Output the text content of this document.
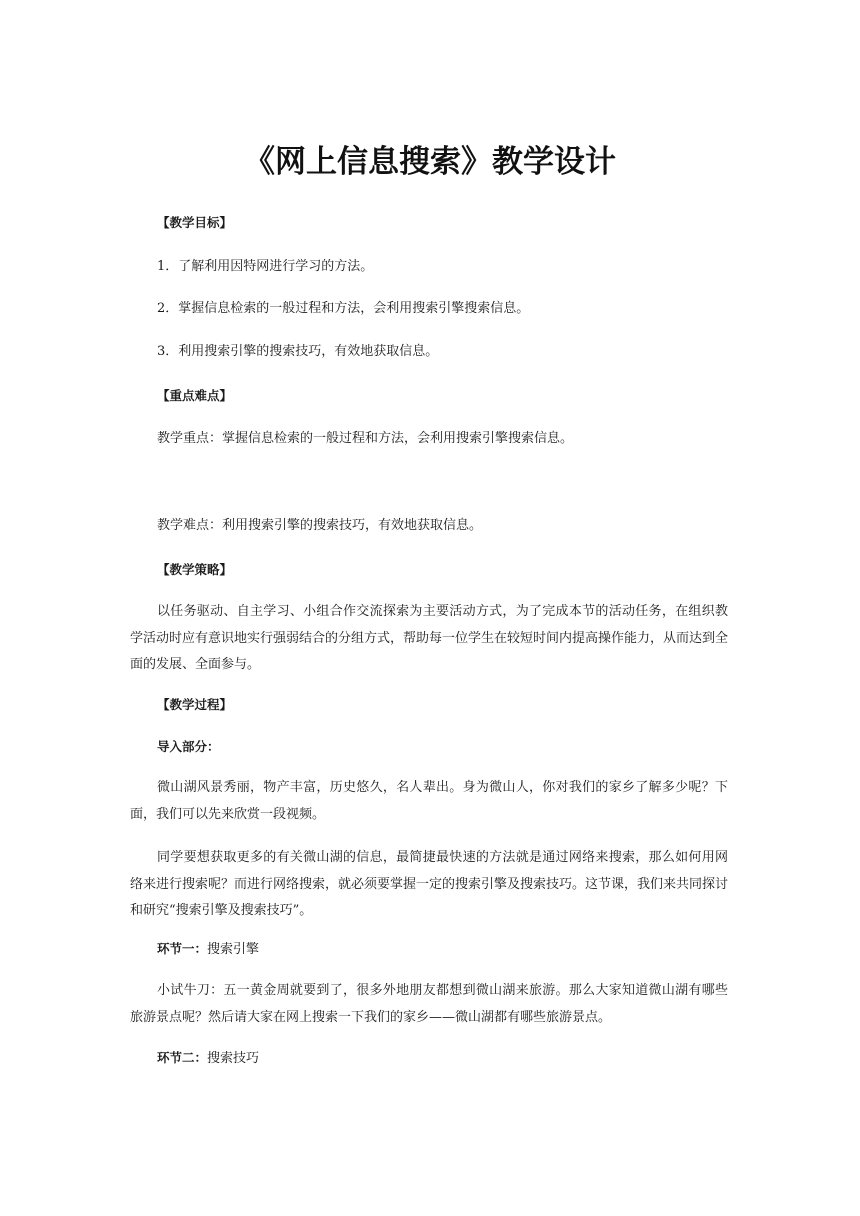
《网上信息搜索》教学设计
【教学目标】
1．了解利用因特网进行学习的方法。
2．掌握信息检索的一般过程和方法，会利用搜索引擎搜索信息。
3．利用搜索引擎的搜索技巧，有效地获取信息。
【重点难点】
教学重点：掌握信息检索的一般过程和方法，会利用搜索引擎搜索信息。
教学难点：利用搜索引擎的搜索技巧，有效地获取信息。
【教学策略】
以任务驱动、自主学习、小组合作交流探索为主要活动方式，为了完成本节的活动任务，在组织教学活动时应有意识地实行强弱结合的分组方式，帮助每一位学生在较短时间内提高操作能力，从而达到全面的发展、全面参与。
【教学过程】
导入部分：
微山湖风景秀丽，物产丰富，历史悠久，名人辈出。身为微山人，你对我们的家乡了解多少呢？下面，我们可以先来欣赏一段视频。
同学要想获取更多的有关微山湖的信息，最简捷最快速的方法就是通过网络来搜索，那么如何用网络来进行搜索呢？而进行网络搜索，就必须要掌握一定的搜索引擎及搜索技巧。这节课，我们来共同探讨和研究“搜索引擎及搜索技巧”。
环节一：搜索引擎
小试牛刀：五一黄金周就要到了，很多外地朋友都想到微山湖来旅游。那么大家知道微山湖有哪些旅游景点呢？然后请大家在网上搜索一下我们的家乡——微山湖都有哪些旅游景点。
环节二：搜索技巧
